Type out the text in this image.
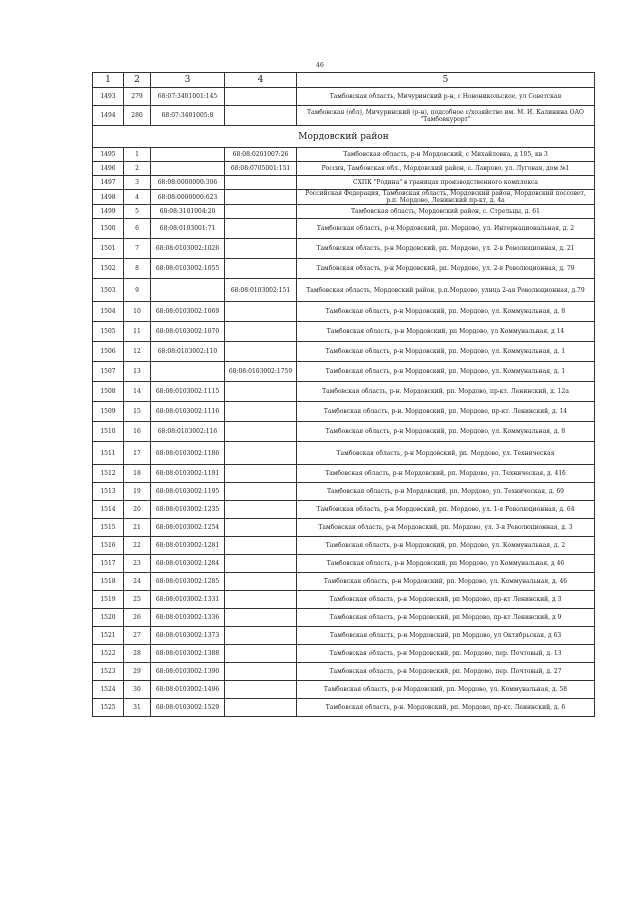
46
1	2	3	4	5
1493	279	68:07:3401001:145		Тамбовская область, Мичуринский р-н, с Новоникольское, ул Советская
1494	280	68:07:3401005:8		Тамбовская (обл), Мичуринский (р-н), подсобное с/хозяйство им. М. И. Калинина ОАО "Тамбовкурорт"
Мордовский район				
1495	1		68:08:0201007:26	Тамбовская область, р-н Мордовский, с Михайловка, д 105, кв 3
1496	2		68:08:0705001:151	Россия, Тамбовская обл., Мордовский район, с. Лаврово, ул. Луговая, дом №1
1497	3	68:08:0000000:306		СХПК "Родина" в границах производственного комплекса
1498	4	68:08:0000000:623		Российская Федерация, Тамбовская область, Мордовский район, Мордовский поссовет, р.п. Мордово, Ленинский пр-кт, д. 4а
1499	5	68:08:3101004:20		Тамбовская область, Мордовский район, с. Стрельцы, д. 61
1500	6	68:08:0103001:71		Тамбовская область, р-н Мордовский, рп. Мордово, ул. Интернациональная, д. 2
1501	7	68:08:0103002:1026		Тамбовская область, р-н Мордовский, рп. Мордово, ул. 2-я Революционная, д. 21
1502	8	68:08:0103002:1055		Тамбовская область, р-н Мордовский, рп. Мордово, ул. 2-я Революционная, д. 79
1503	9		68:08:0103002:151	Тамбовская область, Мордовский район, р.п.Мордово, улица 2-ая Революционная, д.79
1504	10	68:08:0103002:1069		Тамбовская область, р-н Мордовский, рп. Мордово, ул. Коммунальная, д. 8
1505	11	68:08:0103002:1070		Тамбовская область, р-н Мордовский, рп Мордово, ул Коммунальная, д 14
1506	12	68:08:0103002:110		Тамбовская область, р-н Мордовский, рп. Мордово, ул. Коммунальная, д. 1
1507	13		68:08:0103002:1759	Тамбовская область, р-н Мордовский, рп. Мордово, ул. Коммунальная, д. 1
1508	14	68:08:0103002:1115		Тамбовская область, р-н. Мордовский, рп. Мордово, пр-кт. Ленинский, д. 12а
1509	15	68:08:0103002:1116		Тамбовская область, р-н. Мордовский, рп. Мордово, пр-кт. Ленинский, д. 14
1510	16	68:08:0103002:116		Тамбовская область, р-н Мордовский, рп. Мордово, ул. Коммунальная, д. 8
1511	17	68:08:0103002:1186		Тамбовская область, р-н Мордовский, рп. Мордово, ул. Техническая
1512	18	68:08:0103002:1191		Тамбовская область, р-н Мордовский, рп. Мордово, ул. Техническая, д. 41б
1513	19	68:08:0103002:1195		Тамбовская область, р-н Мордовский, рп. Мордово, ул. Техническая, д. 69
1514	20	68:08:0103002:1235		Тамбовская область, р-н Мордовский, рп. Мордово, ул. 1-я Революционная, д. 64
1515	21	68:08:0103002:1254		Тамбовская область, р-н Мордовский, рп. Мордово, ул. 3-я Революционная, д. 3
1516	22	68:08:0103002:1281		Тамбовская область, р-н Мордовский, рп. Мордово, ул. Коммунальная, д. 2
1517	23	68:08:0103002:1284		Тамбовская область, р-н Мордовский, рп Мордово, ул Коммунальная, д 46
1518	24	68:08:0103002:1285		Тамбовская область, р-н Мордовский, рп. Мордово, ул. Коммунальная, д. 46
1519	25	68:08:0103002:1331		Тамбовская область, р-н Мордовский, рп Мордово, пр-кт Ленинский, д 3
1520	26	68:08:0103002:1336		Тамбовская область, р-н Мордовский, рп Мордово, пр-кт Ленинский, д 9
1521	27	68:08:0103002:1373		Тамбовская область, р-н Мордовский, рп Мордово, ул Октябрьская, д 63
1522	28	68:08:0103002:1388		Тамбовская область, р-н Мордовский, рп. Мордово, пер. Почтовый, д. 13
1523	29	68:08:0103002:1390		Тамбовская область, р-н Мордовский, рп. Мордово, пер. Почтовый, д. 27
1524	30	68:08:0103002:1496		Тамбовская область, р-н Мордовский, рп. Мордово, ул. Коммунальная, д. 58
1525	31	68:08:0103002:1529		Тамбовская область, р-н. Мордовский, рп. Мордово, пр-кт. Ленинский, д. 6
